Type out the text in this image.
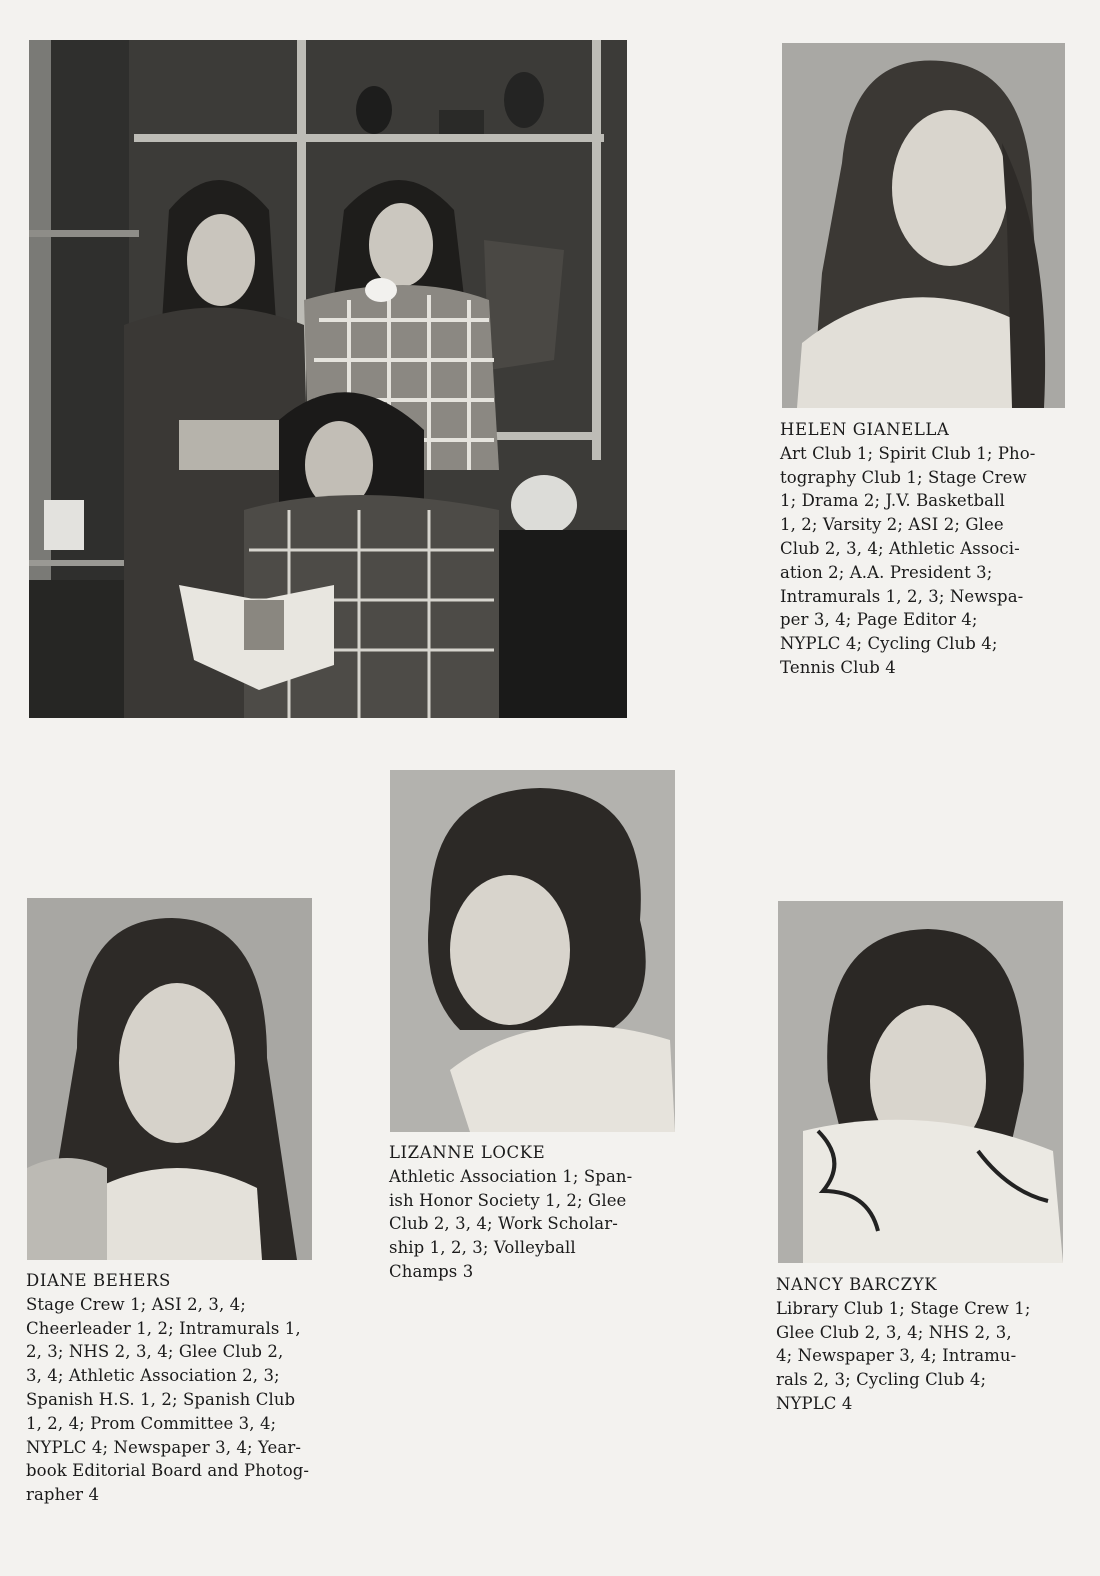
HELEN GIANELLA
Art Club 1; Spirit Club 1; Pho-
tography Club 1; Stage Crew
1; Drama 2; J.V. Basketball
1, 2; Varsity 2; ASI 2; Glee
Club 2, 3, 4; Athletic Associ-
ation 2; A.A. President 3;
Intramurals 1, 2, 3; Newspa-
per 3, 4; Page Editor 4;
NYPLC 4; Cycling Club 4;
Tennis Club 4
LIZANNE LOCKE
Athletic Association 1; Span-
ish Honor Society 1, 2; Glee
Club 2, 3, 4; Work Scholar-
ship 1, 2, 3; Volleyball
Champs 3
DIANE BEHERS
Stage Crew 1; ASI 2, 3, 4;
Cheerleader 1, 2; Intramurals 1,
2, 3; NHS 2, 3, 4; Glee Club 2,
3, 4; Athletic Association 2, 3;
Spanish H.S. 1, 2; Spanish Club
1, 2, 4; Prom Committee 3, 4;
NYPLC 4; Newspaper 3, 4; Year-
book Editorial Board and Photog-
rapher 4
NANCY BARCZYK
Library Club 1; Stage Crew 1;
Glee Club 2, 3, 4; NHS 2, 3,
4; Newspaper 3, 4; Intramu-
rals 2, 3; Cycling Club 4;
NYPLC 4
